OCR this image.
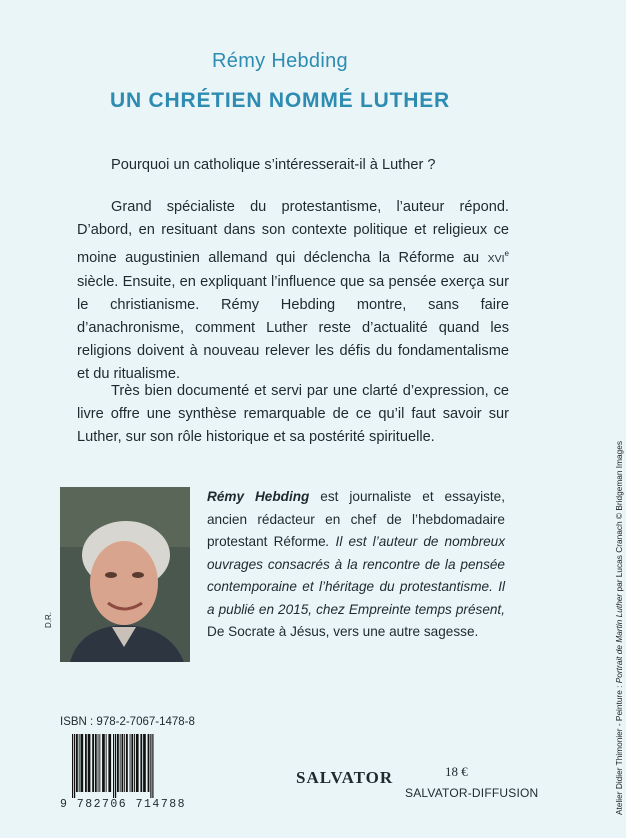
Rémy Hebding
UN CHRÉTIEN NOMMÉ LUTHER

Pourquoi un catholique s’intéresserait-il à Luther ?

Grand spécialiste du protestantisme, l’auteur répond. D’abord, en resituant dans son contexte politique et religieux ce moine augustinien allemand qui déclencha la Réforme au XVIe siècle. Ensuite, en expliquant l’influence que sa pensée exerça sur le christianisme. Rémy Hebding montre, sans faire d’anachronisme, comment Luther reste d’actualité quand les religions doivent à nouveau relever les défis du fondamentalisme et du ritualisme.

Très bien documenté et servi par une clarté d’expression, ce livre offre une synthèse remarquable de ce qu’il faut savoir sur Luther, sur son rôle historique et sa postérité spirituelle.

D.R.
Rémy Hebding est journaliste et essayiste, ancien rédacteur en chef de l’hebdomadaire protestant Réforme. Il est l’auteur de nombreux ouvrages consacrés à la rencontre de la pensée contemporaine et l’héritage du protestantisme. Il a publié en 2015, chez Empreinte temps présent, De Socrate à Jésus, vers une autre sagesse.
Atelier Didier Thimonier - Peinture : Portrait de Martin Luther par Lucas Cranach © Bridgeman Images
ISBN : 978-2-7067-1478-8
9 782706 714788
SALVATOR	18 €
SALVATOR-DIFFUSION
